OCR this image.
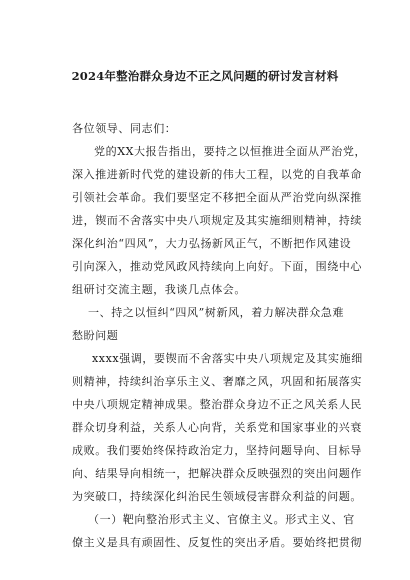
2024年整治群众身边不正之风问题的研讨发言材料
各位领导、同志们：
党的XX大报告指出，要持之以恒推进全面从严治党，
深入推进新时代党的建设新的伟大工程，以党的自我革命
引领社会革命。我们要坚定不移把全面从严治党向纵深推
进，锲而不舍落实中央八项规定及其实施细则精神，持续
深化纠治“四风”，大力弘扬新风正气，不断把作风建设
引向深入，推动党风政风持续向上向好。下面，围绕中心
组研讨交流主题，我谈几点体会。
一、持之以恒纠“四风”树新风，着力解决群众急难
愁盼问题
xxxx强调，要锲而不舍落实中央八项规定及其实施细
则精神，持续纠治享乐主义、奢靡之风，巩固和拓展落实
中央八项规定精神成果。整治群众身边不正之风关系人民
群众切身利益，关系人心向背，关系党和国家事业的兴衰
成败。我们要始终保持政治定力，坚持问题导向、目标导
向、结果导向相统一，把解决群众反映强烈的突出问题作
为突破口，持续深化纠治民生领域侵害群众利益的问题。
（一）靶向整治形式主义、官僚主义。形式主义、官
僚主义是具有顽固性、反复性的突出矛盾。要始终把贯彻
